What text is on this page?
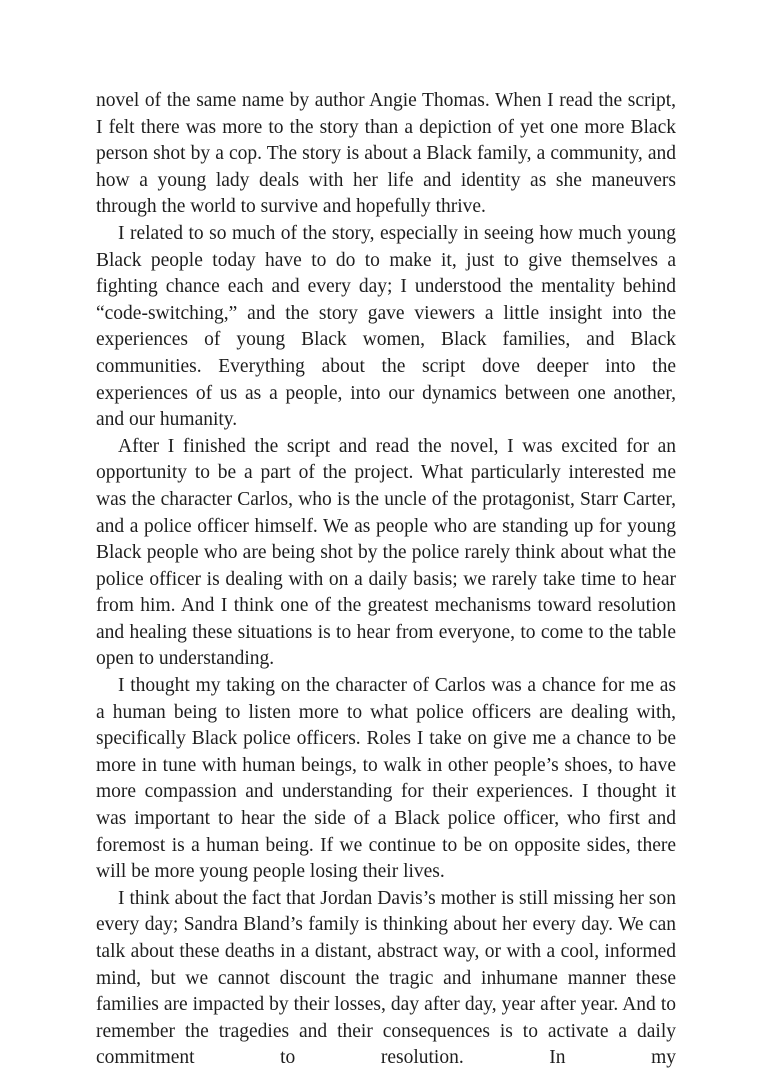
novel of the same name by author Angie Thomas. When I read the script, I felt there was more to the story than a depiction of yet one more Black person shot by a cop. The story is about a Black family, a community, and how a young lady deals with her life and identity as she maneuvers through the world to survive and hopefully thrive.

I related to so much of the story, especially in seeing how much young Black people today have to do to make it, just to give themselves a fighting chance each and every day; I understood the mentality behind “code-switching,” and the story gave viewers a little insight into the experiences of young Black women, Black families, and Black communities. Everything about the script dove deeper into the experiences of us as a people, into our dynamics between one another, and our humanity.

After I finished the script and read the novel, I was excited for an opportunity to be a part of the project. What particularly interested me was the character Carlos, who is the uncle of the protagonist, Starr Carter, and a police officer himself. We as people who are standing up for young Black people who are being shot by the police rarely think about what the police officer is dealing with on a daily basis; we rarely take time to hear from him. And I think one of the greatest mechanisms toward resolution and healing these situations is to hear from everyone, to come to the table open to understanding.

I thought my taking on the character of Carlos was a chance for me as a human being to listen more to what police officers are dealing with, specifically Black police officers. Roles I take on give me a chance to be more in tune with human beings, to walk in other people’s shoes, to have more compassion and understanding for their experiences. I thought it was important to hear the side of a Black police officer, who first and foremost is a human being. If we continue to be on opposite sides, there will be more young people losing their lives.

I think about the fact that Jordan Davis’s mother is still missing her son every day; Sandra Bland’s family is thinking about her every day. We can talk about these deaths in a distant, abstract way, or with a cool, informed mind, but we cannot discount the tragic and inhumane manner these families are impacted by their losses, day after day, year after year. And to remember the tragedies and their consequences is to activate a daily commitment to resolution. In my
